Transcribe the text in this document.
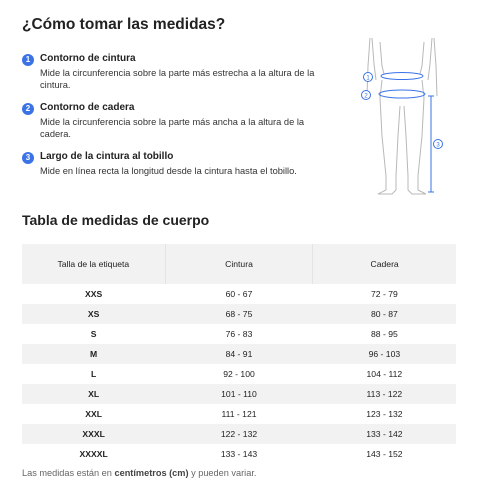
¿Cómo tomar las medidas?
1 Contorno de cintura
Mide la circunferencia sobre la parte más estrecha a la altura de la cintura.
2 Contorno de cadera
Mide la circunferencia sobre la parte más ancha a la altura de la cadera.
3 Largo de la cintura al tobillo
Mide en línea recta la longitud desde la cintura hasta el tobillo.
1
2
3
Tabla de medidas de cuerpo
Talla de la etiqueta	Cintura	Cadera
XXS	60 - 67	72 - 79
XS	68 - 75	80 - 87
S	76 - 83	88 - 95
M	84 - 91	96 - 103
L	92 - 100	104 - 112
XL	101 - 110	113 - 122
XXL	111 - 121	123 - 132
XXXL	122 - 132	133 - 142
XXXXL	133 - 143	143 - 152
Las medidas están en centímetros (cm) y pueden variar.
